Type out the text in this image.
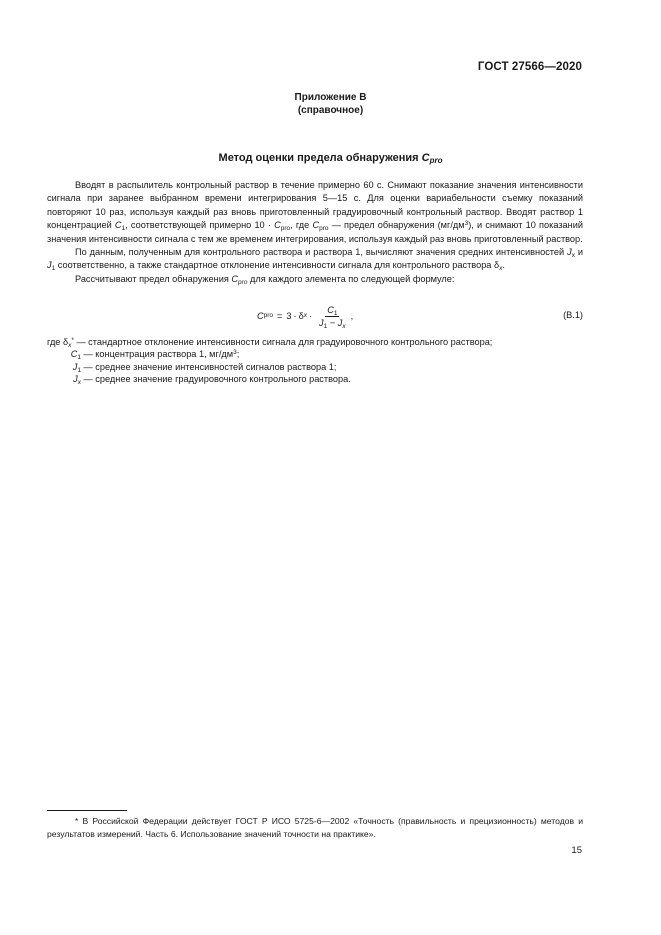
ГОСТ 27566—2020
Приложение В
(справочное)
Метод оценки предела обнаружения $C_{pro}$

Вводят в распылитель контрольный раствор в течение примерно 60 с. Снимают показание значения интенсивности сигнала при заранее выбранном времени интегрирования 5—15 с. Для оценки вариабельности съемку показаний повторяют 10 раз, используя каждый раз вновь приготовленный градуировочный контрольный раствор. Вводят раствор 1 концентрацией $C_1$, соответствующей примерно $10 \cdot C_{pro}$, где $C_{pro}$ — предел обнаружения $(мг/дм^3)$, и снимают 10 показаний значения интенсивности сигнала с тем же временем интегрирования, используя каждый раз вновь приготовленный раствор.

По данным, полученным для контрольного раствора и раствора 1, вычисляют значения средних интенсивностей $J_x$ и $J_1$ соответственно, а также стандартное отклонение интенсивности сигнала для контрольного раствора $\delta_x$.

Рассчитывают предел обнаружения $C_{pro}$ для каждого элемента по следующей формуле:

C pro = 3 · δ $x \cdot \frac{C_1}{J_1 - J_x}$ ,	(В.1)
где $\delta_x^*$ — стандартное отклонение интенсивности сигнала для градуировочного контрольного раствора;
$C_1$ — концентрация раствора 1, $мг/дм^3$;
$J_1$ — среднее значение интенсивностей сигналов раствора 1;
$J_x$ — среднее значение градуировочного контрольного раствора.
* В Российской Федерации действует ГОСТ Р ИСО 5725-6—2002 «Точность (правильность и прецизионность) методов и результатов измерений. Часть 6. Использование значений точности на практике».
15
